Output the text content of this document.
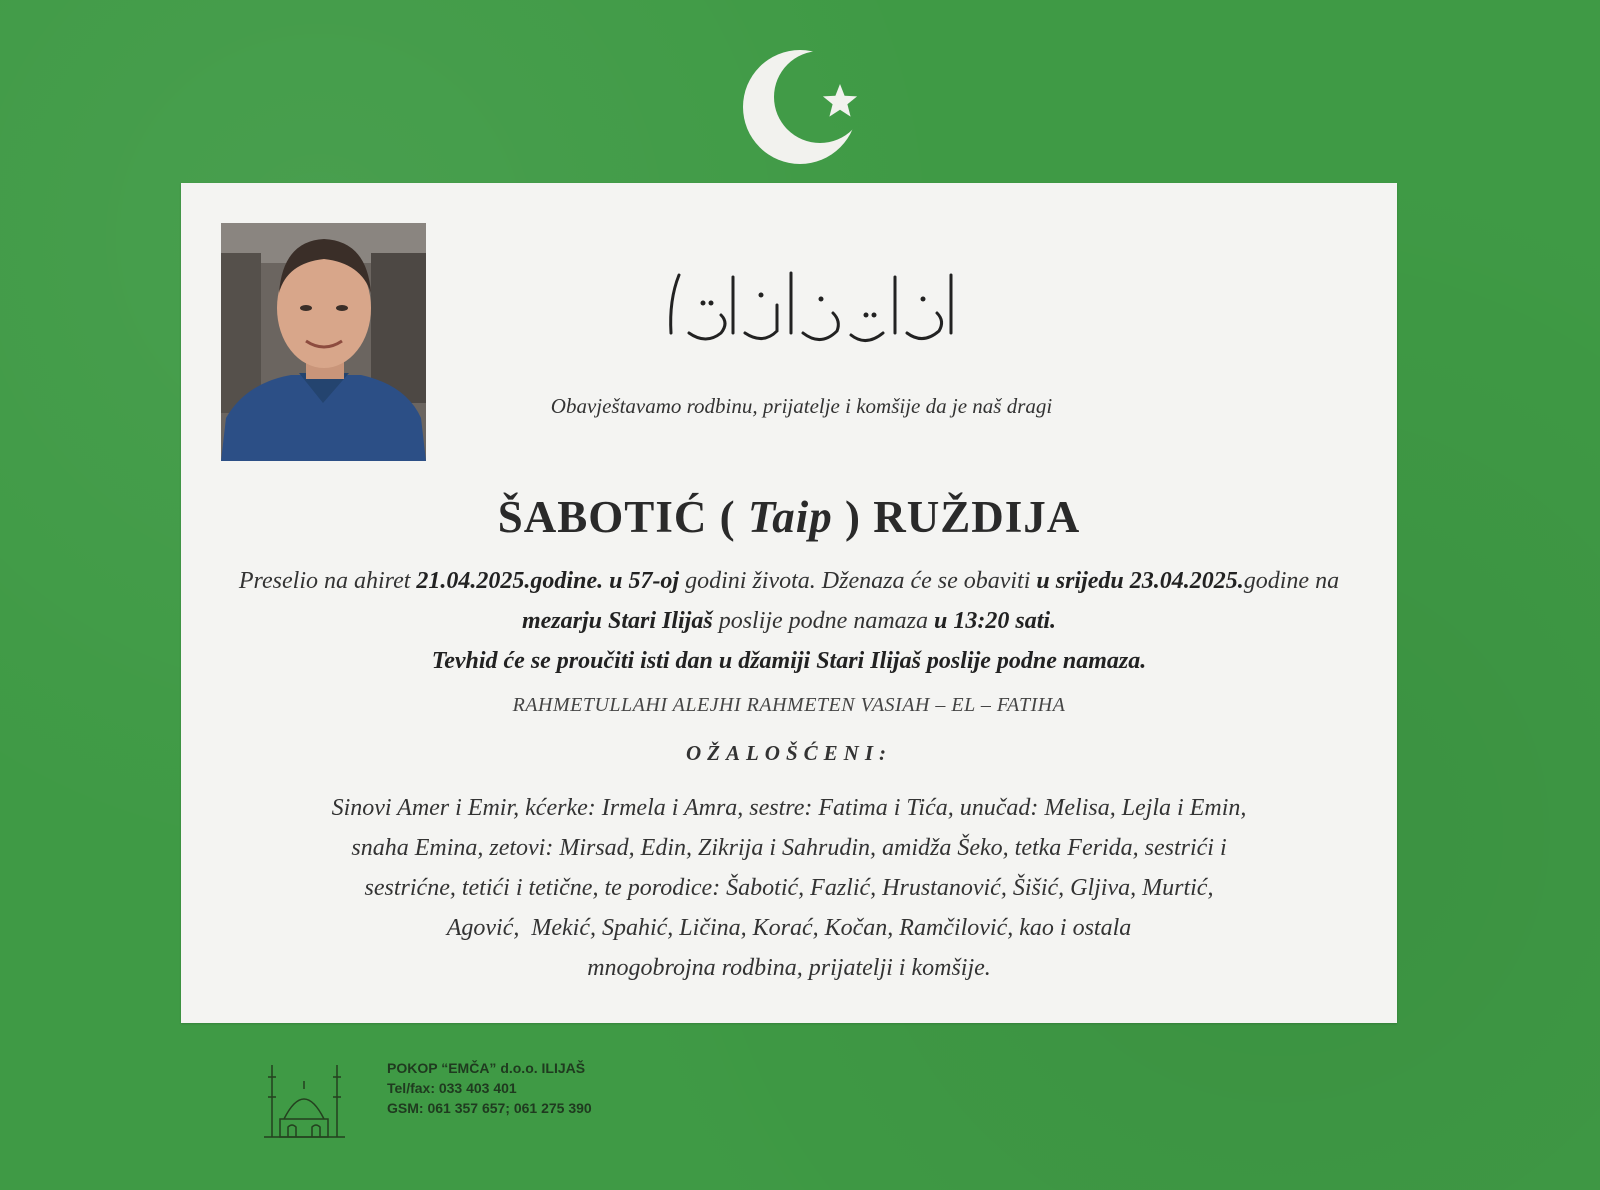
Obavještavamo rodbinu, prijatelje i komšije da je naš dragi
ŠABOTIĆ ( Taip ) RUŽDIJA
Preselio na ahiret 21.04.2025.godine. u 57-oj godini života. Dženaza će se obaviti u srijedu 23.04.2025.godine na mezarju Stari Ilijaš poslije podne namaza u 13:20 sati.
Tevhid će se proučiti isti dan u džamiji Stari Ilijaš poslije podne namaza.
RAHMETULLAHI ALEJHI RAHMETEN VASIAH – EL – FATIHA
OŽALOŠĆENI:
Sinovi Amer i Emir, kćerke: Irmela i Amra, sestre: Fatima i Tića, unučad: Melisa, Lejla i Emin,
snaha Emina, zetovi: Mirsad, Edin, Zikrija i Sahrudin, amidža Šeko, tetka Ferida, sestrići i
sestrićne, tetići i tetične, te porodice: Šabotić, Fazlić, Hrustanović, Šišić, Gljiva, Murtić,
Agović,  Mekić, Spahić, Ličina, Korać, Kočan, Ramčilović, kao i ostala
mnogobrojna rodbina, prijatelji i komšije.
POKOP “EMČA” d.o.o. ILIJAŠ
Tel/fax: 033 403 401
GSM: 061 357 657; 061 275 390
